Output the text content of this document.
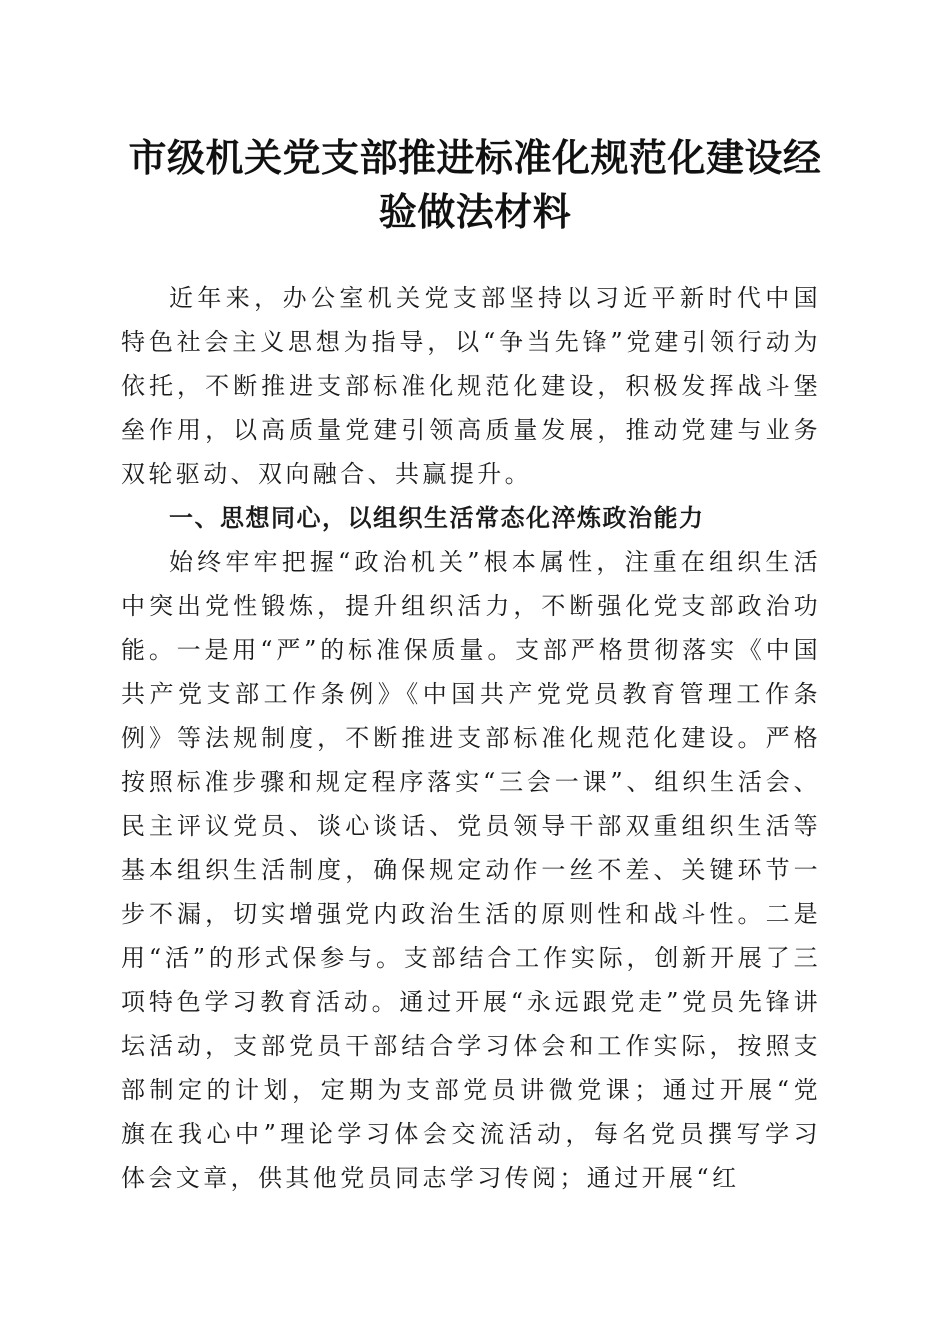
市级机关党支部推进标准化规范化建设经验做法材料

近年来，办公室机关党支部坚持以习近平新时代中国特色社会主义思想为指导，以“争当先锋”党建引领行动为依托，不断推进支部标准化规范化建设，积极发挥战斗堡垒作用，以高质量党建引领高质量发展，推动党建与业务双轮驱动、双向融合、共赢提升。

一、思想同心，以组织生活常态化淬炼政治能力

始终牢牢把握“政治机关”根本属性，注重在组织生活中突出党性锻炼，提升组织活力，不断强化党支部政治功能。一是用“严”的标准保质量。支部严格贯彻落实《中国共产党支部工作条例》《中国共产党党员教育管理工作条例》等法规制度，不断推进支部标准化规范化建设。严格按照标准步骤和规定程序落实“三会一课”、组织生活会、民主评议党员、谈心谈话、党员领导干部双重组织生活等基本组织生活制度，确保规定动作一丝不差、关键环节一步不漏，切实增强党内政治生活的原则性和战斗性。二是用“活”的形式保参与。支部结合工作实际，创新开展了三项特色学习教育活动。通过开展“永远跟党走”党员先锋讲坛活动，支部党员干部结合学习体会和工作实际，按照支部制定的计划，定期为支部党员讲微党课；通过开展“党旗在我心中”理论学习体会交流活动，每名党员撰写学习体会文章，供其他党员同志学习传阅；通过开展“红
